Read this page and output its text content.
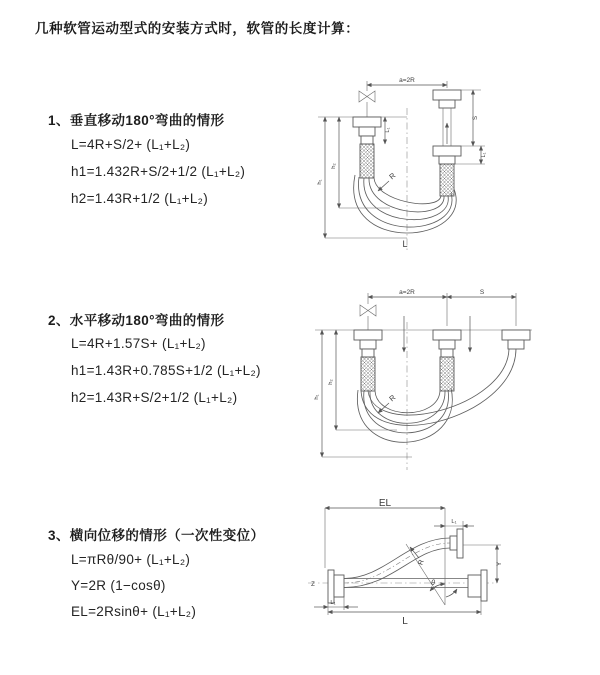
几种软管运动型式的安装方式时，软管的长度计算：
1、垂直移动180°弯曲的情形
L=4R+S/2+ (L₁+L₂)
h1=1.432R+S/2+1/2 (L₁+L₂)
h2=1.43R+1/2 (L₁+L₂)
2、水平移动180°弯曲的情形
L=4R+1.57S+ (L₁+L₂)
h1=1.43R+0.785S+1/2 (L₁+L₂)
h2=1.43R+S/2+1/2 (L₁+L₂)
3、横向位移的情形（一次性变位）
L=πRθ/90+ (L₁+L₂)
Y=2R (1−cosθ)
EL=2Rsinθ+ (L₁+L₂)
a=2R
L₁
h₁
h₂
S
L₁
R
L
a=2R	S
h₁
h₂
R
EL
L₁
Z	θ
R	Y
L₁
L
